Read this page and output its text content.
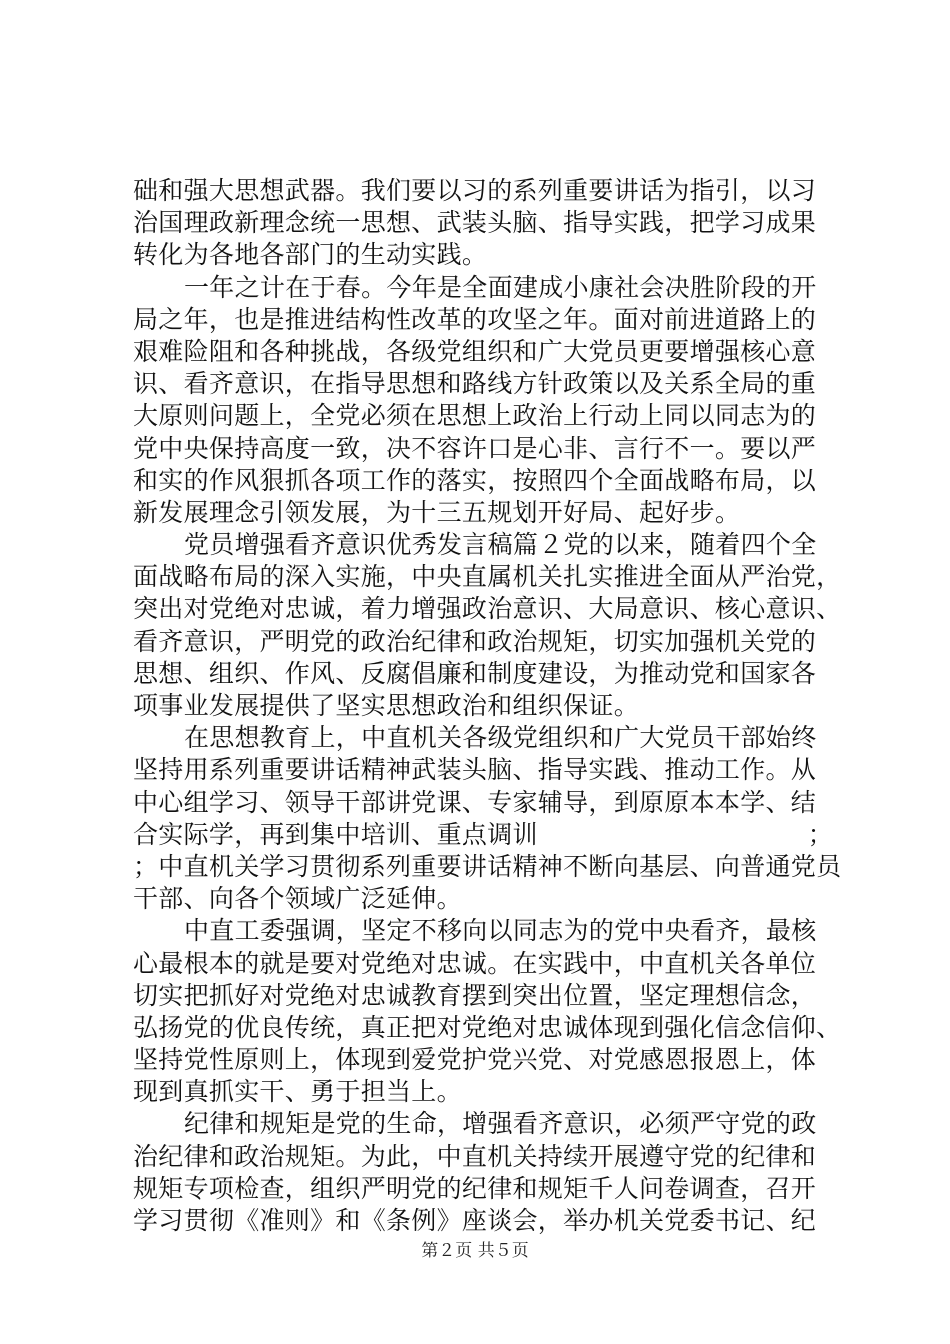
础和强大思想武器。我们要以习的系列重要讲话为指引，以习
治国理政新理念统一思想、武装头脑、指导实践，把学习成果
转化为各地各部门的生动实践。
一年之计在于春。今年是全面建成小康社会决胜阶段的开
局之年，也是推进结构性改革的攻坚之年。面对前进道路上的
艰难险阻和各种挑战，各级党组织和广大党员更要增强核心意
识、看齐意识，在指导思想和路线方针政策以及关系全局的重
大原则问题上，全党必须在思想上政治上行动上同以同志为的
党中央保持高度一致，决不容许口是心非、言行不一。要以严
和实的作风狠抓各项工作的落实，按照四个全面战略布局，以
新发展理念引领发展，为十三五规划开好局、起好步。
党员增强看齐意识优秀发言稿篇２党的以来，随着四个全
面战略布局的深入实施，中央直属机关扎实推进全面从严治党，
突出对党绝对忠诚，着力增强政治意识、大局意识、核心意识、
看齐意识，严明党的政治纪律和政治规矩，切实加强机关党的
思想、组织、作风、反腐倡廉和制度建设，为推动党和国家各
项事业发展提供了坚实思想政治和组织保证。
在思想教育上，中直机关各级党组织和广大党员干部始终
坚持用系列重要讲话精神武装头脑、指导实践、推动工作。从
中心组学习、领导干部讲党课、专家辅导，到原原本本学、结
合实际学，再到集中培训、重点调训	；
；中直机关学习贯彻系列重要讲话精神不断向基层、向普通党员
干部、向各个领域广泛延伸。
中直工委强调，坚定不移向以同志为的党中央看齐，最核
心最根本的就是要对党绝对忠诚。在实践中，中直机关各单位
切实把抓好对党绝对忠诚教育摆到突出位置，坚定理想信念，
弘扬党的优良传统，真正把对党绝对忠诚体现到强化信念信仰、
坚持党性原则上，体现到爱党护党兴党、对党感恩报恩上，体
现到真抓实干、勇于担当上。
纪律和规矩是党的生命，增强看齐意识，必须严守党的政
治纪律和政治规矩。为此，中直机关持续开展遵守党的纪律和
规矩专项检查，组织严明党的纪律和规矩千人问卷调查，召开
学习贯彻《准则》和《条例》座谈会，举办机关党委书记、纪
第２页 共５页
